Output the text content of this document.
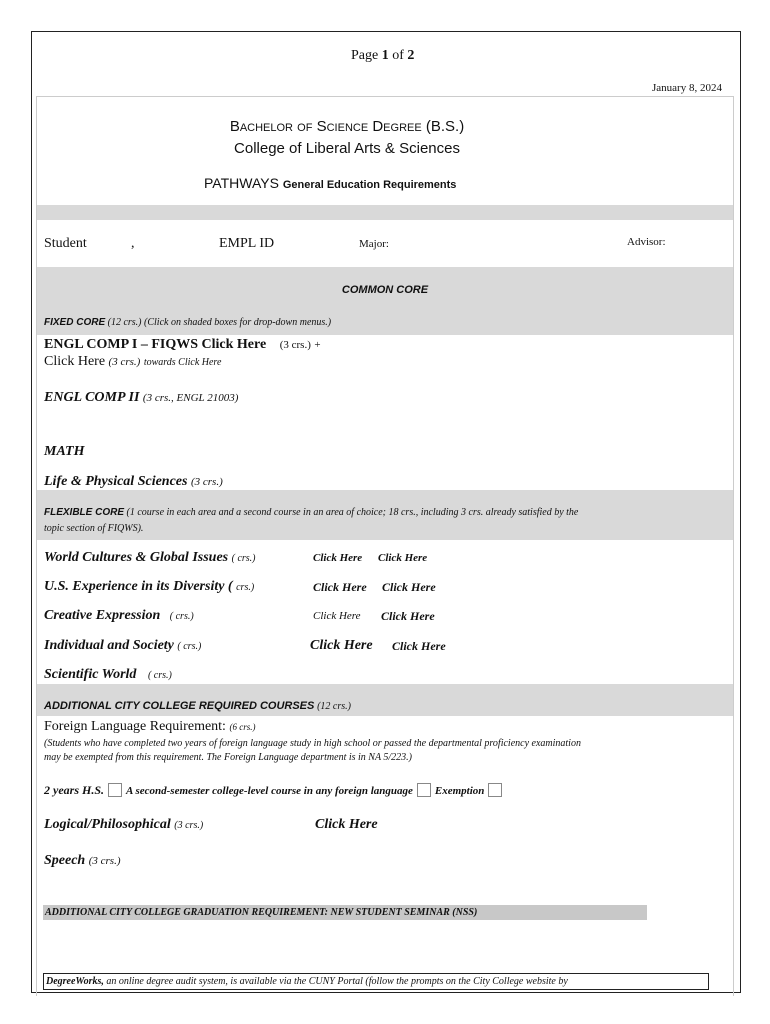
Page 1 of 2
January 8, 2024
Bachelor of Science Degree (B.S.)
College of Liberal Arts & Sciences
PATHWAYS General Education Requirements
Student	,	EMPL ID	Major:	Advisor:
COMMON CORE
FIXED CORE (12 crs.) (Click on shaded boxes for drop-down menus.)
ENGL COMP I – FIQWS Click Here (3 crs.) +
Click Here (3 crs.) towards Click Here
ENGL COMP II (3 crs., ENGL 21003)
MATH
Life & Physical Sciences (3 crs.)
FLEXIBLE CORE (1 course in each area and a second course in an area of choice; 18 crs., including 3 crs. already satisfied by the
topic section of FIQWS).
World Cultures & Global Issues ( crs.)	Click Here Click Here
U.S. Experience in its Diversity ( crs.)	Click Here Click Here
Creative Expression ( crs.)	Click Here Click Here
Individual and Society ( crs.)	Click Here Click Here
Scientific World ( crs.)
ADDITIONAL CITY COLLEGE REQUIRED COURSES (12 crs.)
Foreign Language Requirement: (6 crs.)
(Students who have completed two years of foreign language study in high school or passed the departmental proficiency examination
may be exempted from this requirement. The Foreign Language department is in NA 5/223.)
2 years H.S. A second-semester college-level course in any foreign language Exemption
Logical/Philosophical (3 crs.)	Click Here
Speech (3 crs.)
ADDITIONAL CITY COLLEGE GRADUATION REQUIREMENT: NEW STUDENT SEMINAR (NSS)
DegreeWorks, an online degree audit system, is available via the CUNY Portal (follow the prompts on the City College website by
